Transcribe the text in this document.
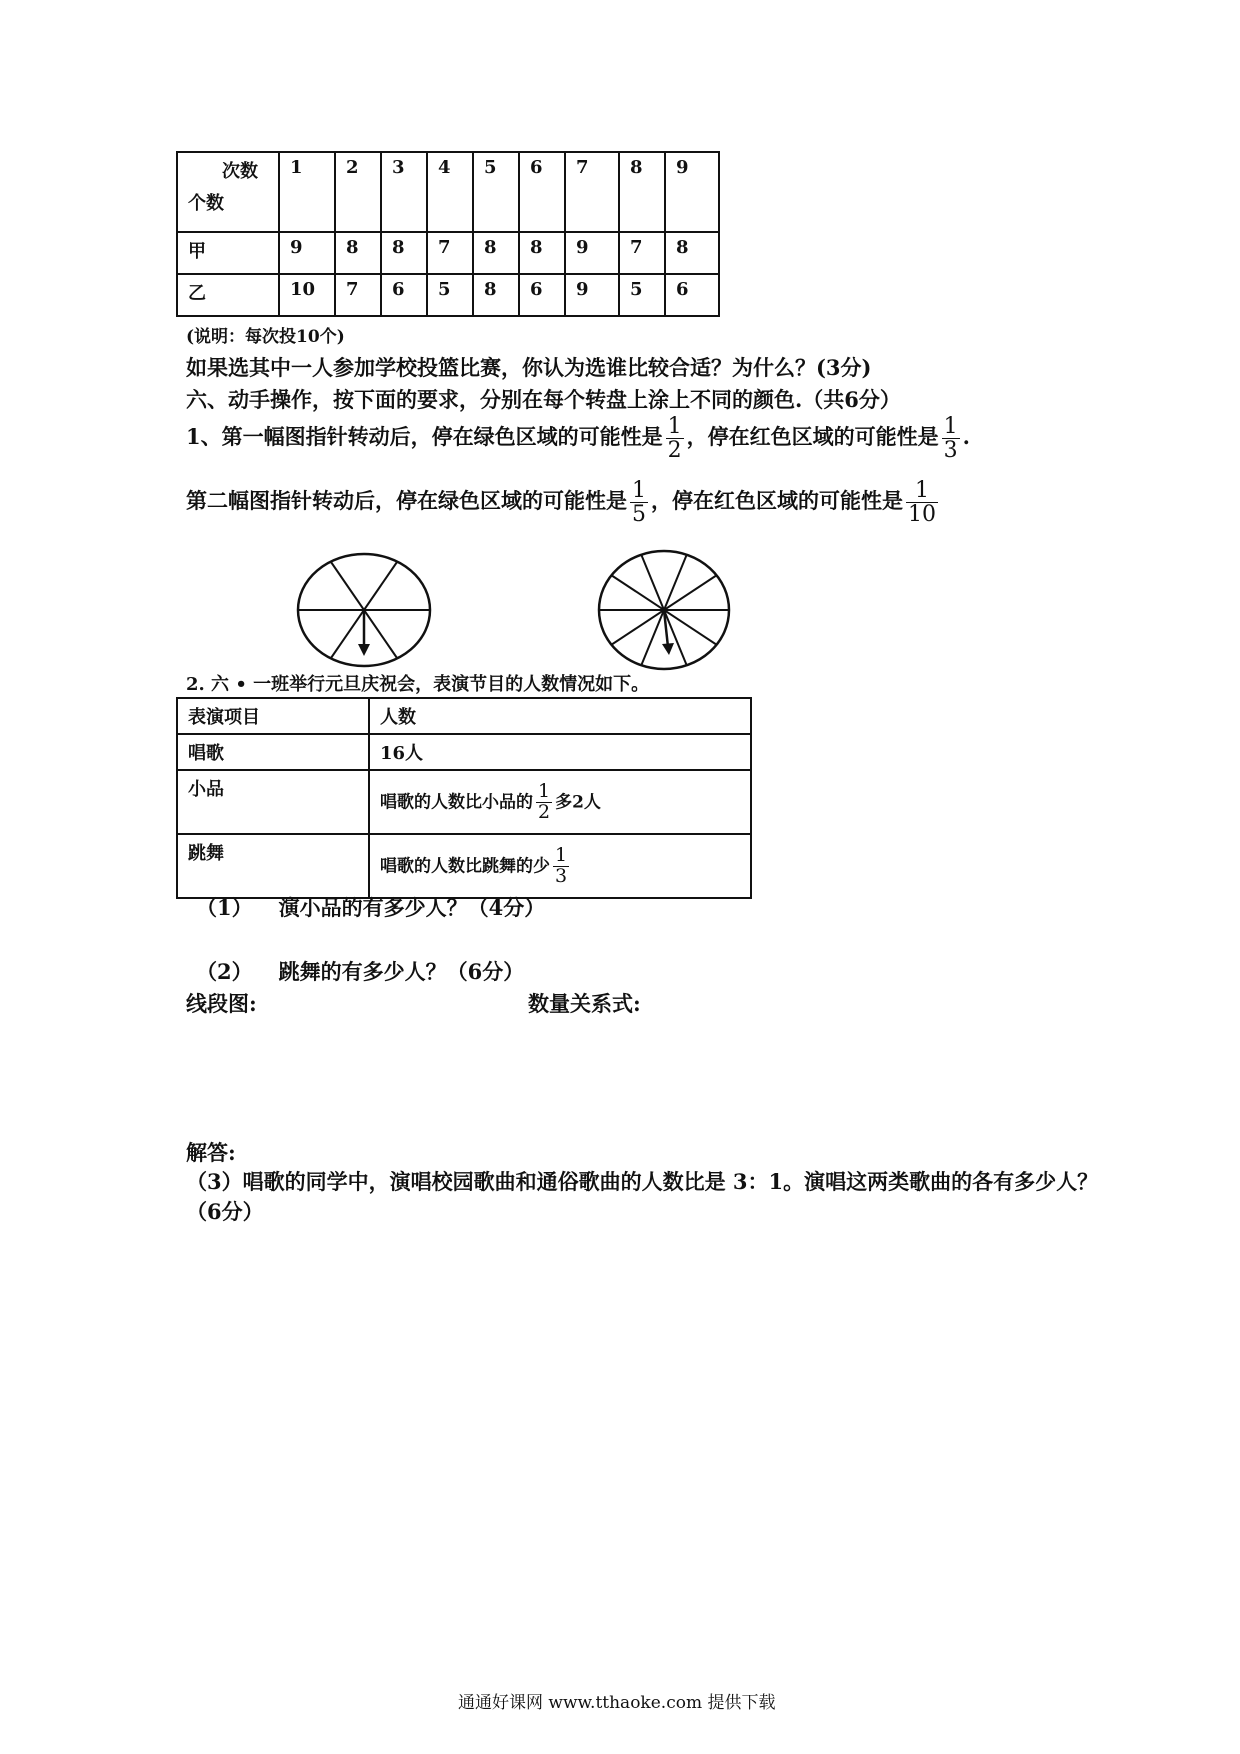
次数
个数	1	2	3	4	5	6	7	8	9
甲	9	8	8	7	8	8	9	7	8
乙	10	7	6	5	8	6	9	5	6
(说明：每次投10个)
如果选其中一人参加学校投篮比赛，你认为选谁比较合适？为什么？(3分)
六、动手操作，按下面的要求，分别在每个转盘上涂上不同的颜色.（共6分）
1、第一幅图指针转动后，停在绿色区域的可能性是 $\frac{1}{2}$ ，停在红色区域的可能性是 $\frac{1}{3}$ .
第二幅图指针转动后，停在绿色区域的可能性是 $\frac{1}{5}$ ，停在红色区域的可能性是 $\frac{1}{10}$
2. 六 • 一班举行元旦庆祝会，表演节目的人数情况如下。
表演项目	人数
唱歌	16人
小品	唱歌的人数比小品的 $\frac{1}{2}$ 多2人
跳舞	唱歌的人数比跳舞的少 $\frac{1}{3}$
（1） 演小品的有多少人？（4分）
（2） 跳舞的有多少人？（6分）
线段图:	数量关系式:
解答:
（3）唱歌的同学中，演唱校园歌曲和通俗歌曲的人数比是 3：1。演唱这两类歌曲的各有多少人？
（6分）
通通好课网 www.tthaoke.com 提供下载
